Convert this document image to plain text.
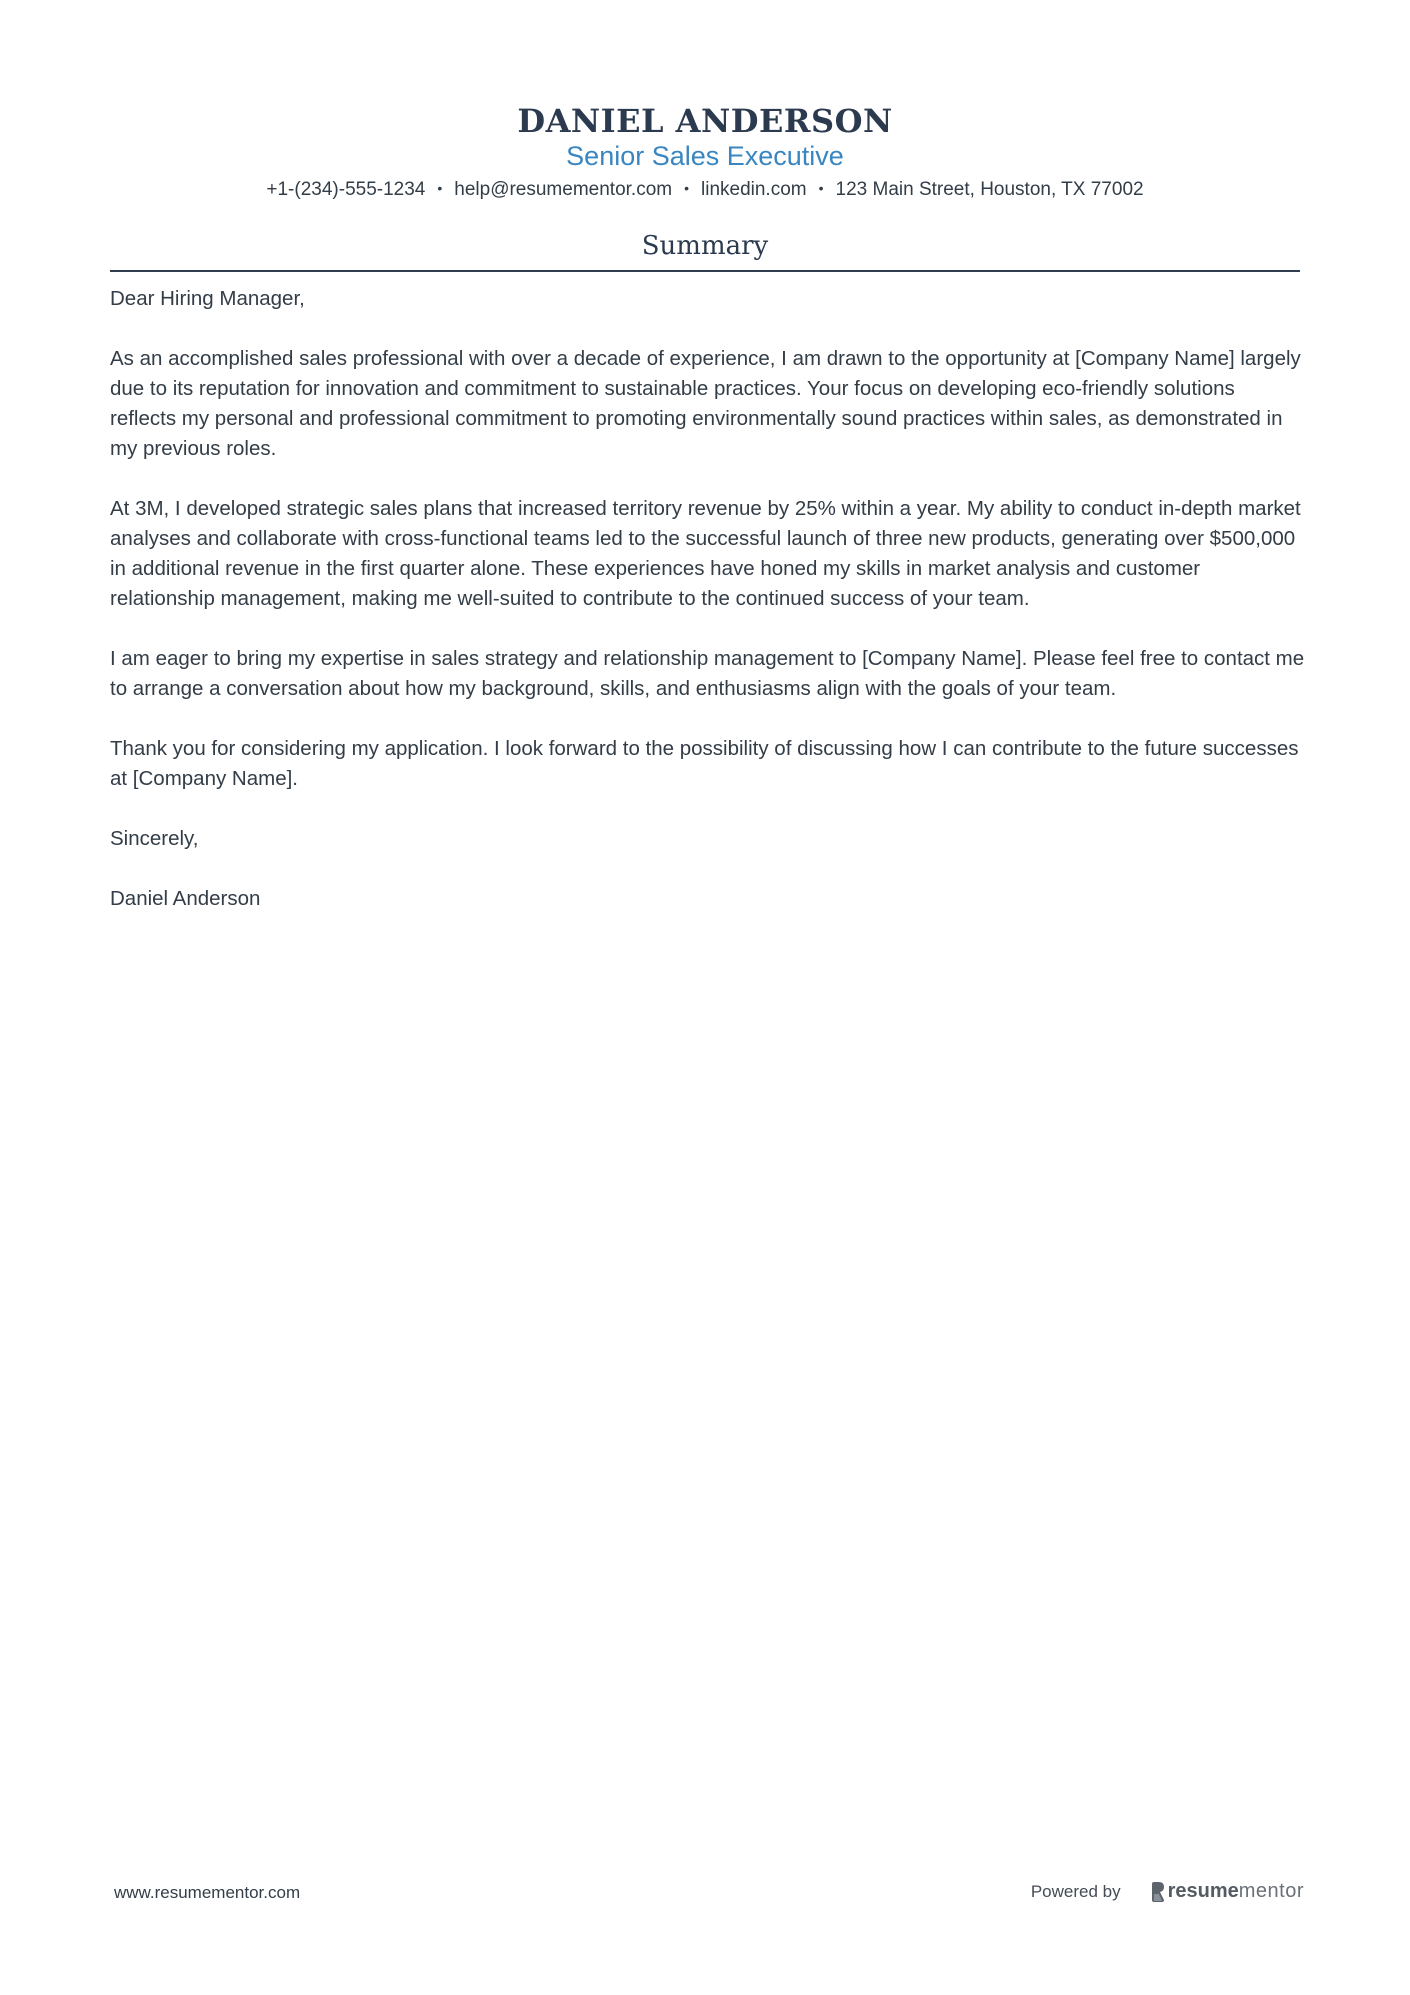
DANIEL ANDERSON
Senior Sales Executive
+1-(234)-555-1234 • help@resumementor.com • linkedin.com • 123 Main Street, Houston, TX 77002
Summary

Dear Hiring Manager,

As an accomplished sales professional with over a decade of experience, I am drawn to the opportunity at [Company Name] largely due to its reputation for innovation and commitment to sustainable practices. Your focus on developing eco-friendly solutions reflects my personal and professional commitment to promoting environmentally sound practices within sales, as demonstrated in my previous roles.

At 3M, I developed strategic sales plans that increased territory revenue by 25% within a year. My ability to conduct in-depth market analyses and collaborate with cross-functional teams led to the successful launch of three new products, generating over $500,000 in additional revenue in the first quarter alone. These experiences have honed my skills in market analysis and customer relationship management, making me well-suited to contribute to the continued success of your team.

I am eager to bring my expertise in sales strategy and relationship management to [Company Name]. Please feel free to contact me to arrange a conversation about how my background, skills, and enthusiasms align with the goals of your team.

Thank you for considering my application. I look forward to the possibility of discussing how I can contribute to the future successes at [Company Name].

Sincerely,

Daniel Anderson

www.resumementor.com	Powered by resume mentor
